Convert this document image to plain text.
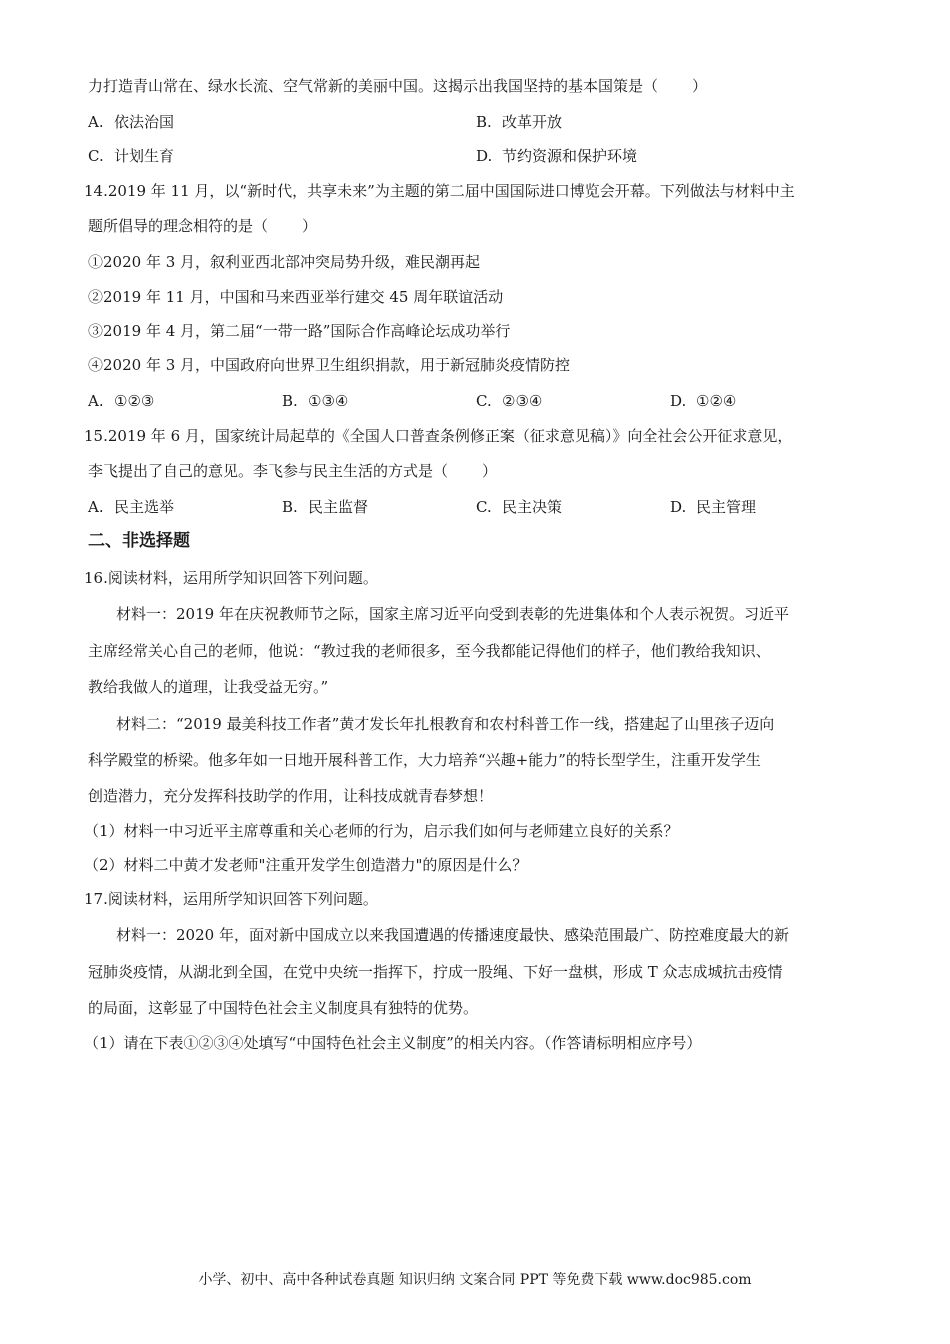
力打造青山常在、绿水长流、空气常新的美丽中国。这揭示出我国坚持的基本国策是（ ）
A. 依法治国	B. 改革开放
C. 计划生育	D. 节约资源和保护环境
14.2019 年 11 月，以“新时代，共享未来”为主题的第二届中国国际进口博览会开幕。下列做法与材料中主
题所倡导的理念相符的是（ ）
①2020 年 3 月，叙利亚西北部冲突局势升级，难民潮再起
②2019 年 11 月，中国和马来西亚举行建交 45 周年联谊活动
③2019 年 4 月，第二届“一带一路”国际合作高峰论坛成功举行
④2020 年 3 月，中国政府向世界卫生组织捐款，用于新冠肺炎疫情防控
A. ①②③	B. ①③④	C. ②③④	D. ①②④
15.2019 年 6 月，国家统计局起草的《全国人口普查条例修正案（征求意见稿）》向全社会公开征求意见，
李飞提出了自己的意见。李飞参与民主生活的方式是（ ）
A. 民主选举	B. 民主监督	C. 民主决策	D. 民主管理
二、非选择题
16.阅读材料，运用所学知识回答下列问题。
材料一：2019 年在庆祝教师节之际，国家主席习近平向受到表彰的先进集体和个人表示祝贺。习近平
主席经常关心自己的老师，他说：“教过我的老师很多，至今我都能记得他们的样子，他们教给我知识、
教给我做人的道理，让我受益无穷。”
材料二：“2019 最美科技工作者”黄才发长年扎根教育和农村科普工作一线，搭建起了山里孩子迈向
科学殿堂的桥梁。他多年如一日地开展科普工作，大力培养“兴趣+能力”的特长型学生，注重开发学生
创造潜力，充分发挥科技助学的作用，让科技成就青春梦想！
（1）材料一中习近平主席尊重和关心老师的行为，启示我们如何与老师建立良好的关系？
（2）材料二中黄才发老师"注重开发学生创造潜力"的原因是什么？
17.阅读材料，运用所学知识回答下列问题。
材料一：2020 年，面对新中国成立以来我国遭遇的传播速度最快、感染范围最广、防控难度最大的新
冠肺炎疫情，从湖北到全国，在党中央统一指挥下，拧成一股绳、下好一盘棋，形成 T 众志成城抗击疫情
的局面，这彰显了中国特色社会主义制度具有独特的优势。
（1）请在下表①②③④处填写“中国特色社会主义制度”的相关内容。（作答请标明相应序号）
小学、初中、高中各种试卷真题 知识归纳 文案合同 PPT 等免费下载 www.doc985.com
